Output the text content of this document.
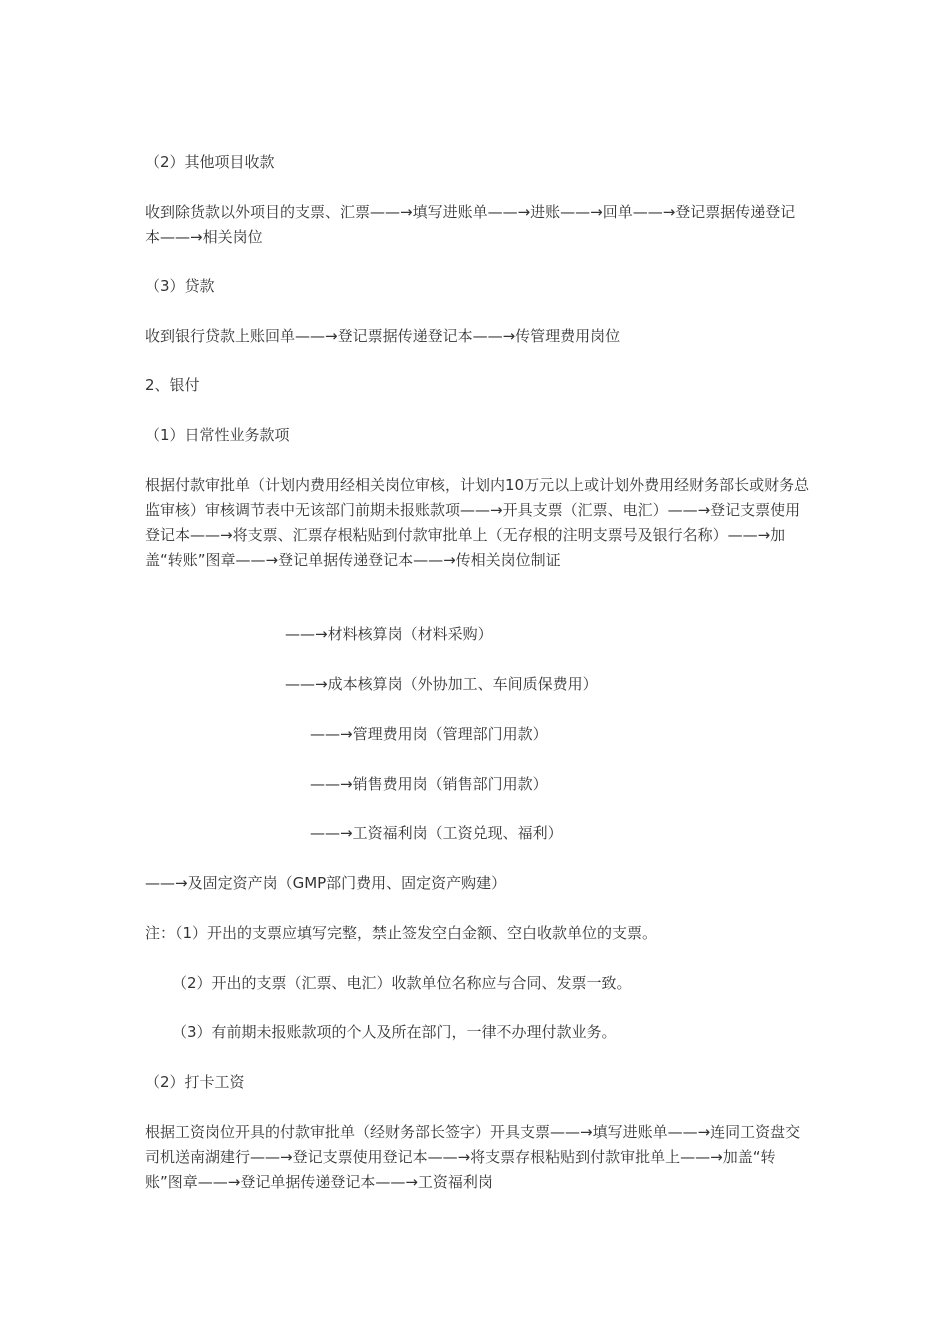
（2）其他项目收款

收到除货款以外项目的支票、汇票——→填写进账单——→进账——→回单——→登记票据传递登记本——→相关岗位

（3）贷款

收到银行贷款上账回单——→登记票据传递登记本——→传管理费用岗位

2、银付

（1）日常性业务款项

根据付款审批单（计划内费用经相关岗位审核，计划内10万元以上或计划外费用经财务部长或财务总监审核）审核调节表中无该部门前期未报账款项——→开具支票（汇票、电汇）——→登记支票使用登记本——→将支票、汇票存根粘贴到付款审批单上（无存根的注明支票号及银行名称）——→加盖“转账”图章——→登记单据传递登记本——→传相关岗位制证

——→材料核算岗（材料采购）

——→成本核算岗（外协加工、车间质保费用）

——→管理费用岗（管理部门用款）

——→销售费用岗（销售部门用款）

——→工资福利岗（工资兑现、福利）

——→及固定资产岗（GMP部门费用、固定资产购建）

注：（1）开出的支票应填写完整，禁止签发空白金额、空白收款单位的支票。

（2）开出的支票（汇票、电汇）收款单位名称应与合同、发票一致。

（3）有前期未报账款项的个人及所在部门，一律不办理付款业务。

（2）打卡工资

根据工资岗位开具的付款审批单（经财务部长签字）开具支票——→填写进账单——→连同工资盘交司机送南湖建行——→登记支票使用登记本——→将支票存根粘贴到付款审批单上——→加盖“转账”图章——→登记单据传递登记本——→工资福利岗
